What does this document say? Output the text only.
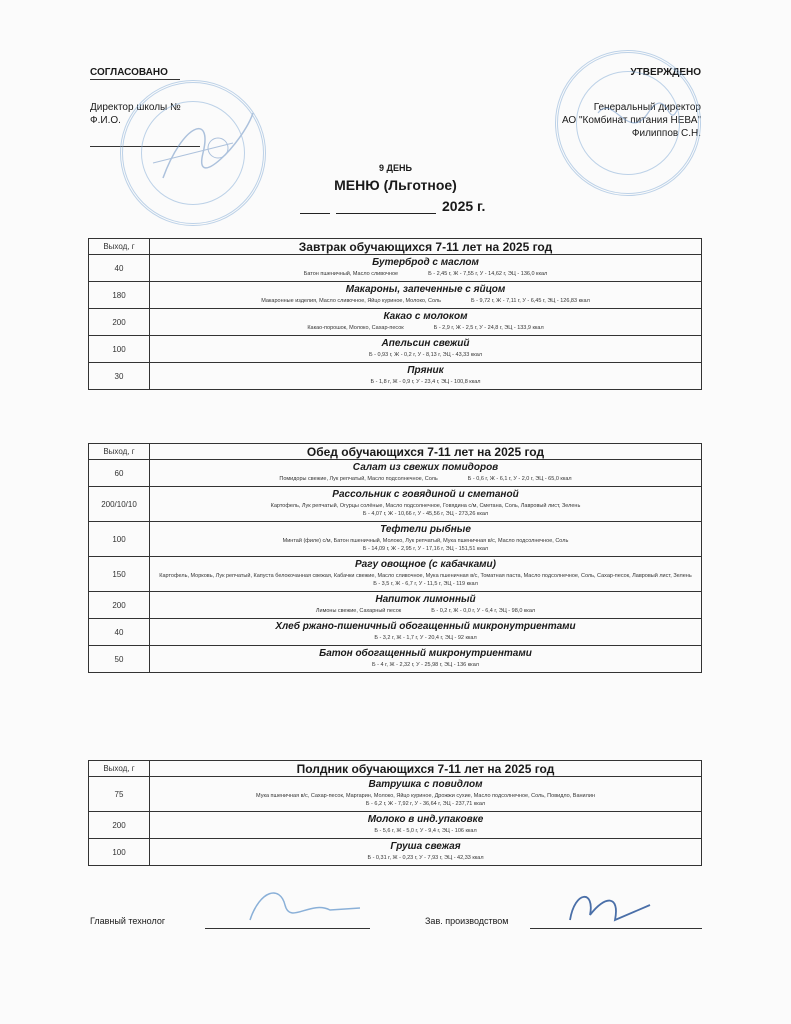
СОГЛАСОВАНО
Директор школы №
Ф.И.О.
УТВЕРЖДЕНО
Генеральный директор
АО "Комбинат питания НЕВА"
Филиппов С.Н.
9 ДЕНЬ
МЕНЮ (Льготное)
2025 г.
Выход, г	Завтрак обучающихся 7-11 лет на 2025 год
40	Бутерброд с маслом
Батон пшеничный, Масло сливочное Б - 2,45 г, Ж - 7,55 г, У - 14,62 г, ЭЦ - 136,0 ккал

180	Макароны, запеченные с яйцом
Макаронные изделия, Масло сливочное, Яйцо куриное, Молоко, Соль Б - 9,72 г, Ж - 7,11 г, У - 6,45 г, ЭЦ - 126,83 ккал

200	Какао с молоком
Какао-порошок, Молоко, Сахар-песок Б - 2,9 г, Ж - 2,5 г, У - 24,8 г, ЭЦ - 133,9 ккал

100	Апельсин свежий
Б - 0,93 г, Ж - 0,2 г, У - 8,13 г, ЭЦ - 43,33 ккал

30	Пряник
Б - 1,8 г, Ж - 0,9 г, У - 23,4 г, ЭЦ - 100,8 ккал
Выход, г	Обед обучающихся 7-11 лет на 2025 год
60	Салат из свежих помидоров
Помидоры свежие, Лук репчатый, Масло подсолнечное, Соль Б - 0,6 г, Ж - 6,1 г, У - 2,0 г, ЭЦ - 65,0 ккал

200/10/10	Рассольник с говядиной и сметаной
Картофель, Лук репчатый, Огурцы солёные, Масло подсолнечное, Говядина с/м, Сметана, Соль, Лавровый лист, Зелень
Б - 4,07 г, Ж - 10,66 г, У - 45,56 г, ЭЦ - 273,26 ккал

100	Тефтели рыбные
Минтай (филе) с/м, Батон пшеничный, Молоко, Лук репчатый, Мука пшеничная в/с, Масло подсолнечное, Соль
Б - 14,09 г, Ж - 2,95 г, У - 17,16 г, ЭЦ - 151,51 ккал

150	Рагу овощное (с кабачками)
Картофель, Морковь, Лук репчатый, Капуста белокочанная свежая, Кабачки свежие, Масло сливочное, Мука пшеничная в/с, Томатная паста, Масло подсолнечное, Соль, Сахар-песок, Лавровый лист, Зелень
Б - 3,5 г, Ж - 6,7 г, У - 11,5 г, ЭЦ - 119 ккал

200	Напиток лимонный
Лимоны свежие, Сахарный песок Б - 0,2 г, Ж - 0,0 г, У - 6,4 г, ЭЦ - 98,0 ккал

40	Хлеб ржано-пшеничный обогащенный микронутриентами
Б - 3,2 г, Ж - 1,7 г, У - 20,4 г, ЭЦ - 92 ккал

50	Батон обогащенный микронутриентами
Б - 4 г, Ж - 2,32 г, У - 25,98 г, ЭЦ - 136 ккал
Выход, г	Полдник обучающихся 7-11 лет на 2025 год
75	Ватрушка с повидлом
Мука пшеничная в/с, Сахар-песок, Маргарин, Молоко, Яйцо куриное, Дрожжи сухие, Масло подсолнечное, Соль, Повидло, Ванилин
Б - 6,2 г, Ж - 7,92 г, У - 36,64 г, ЭЦ - 237,71 ккал

200	Молоко в инд.упаковке
Б - 5,6 г, Ж - 5,0 г, У - 9,4 г, ЭЦ - 106 ккал

100	Груша свежая
Б - 0,31 г, Ж - 0,23 г, У - 7,93 г, ЭЦ - 42,33 ккал
Главный технолог	Зав. производством
